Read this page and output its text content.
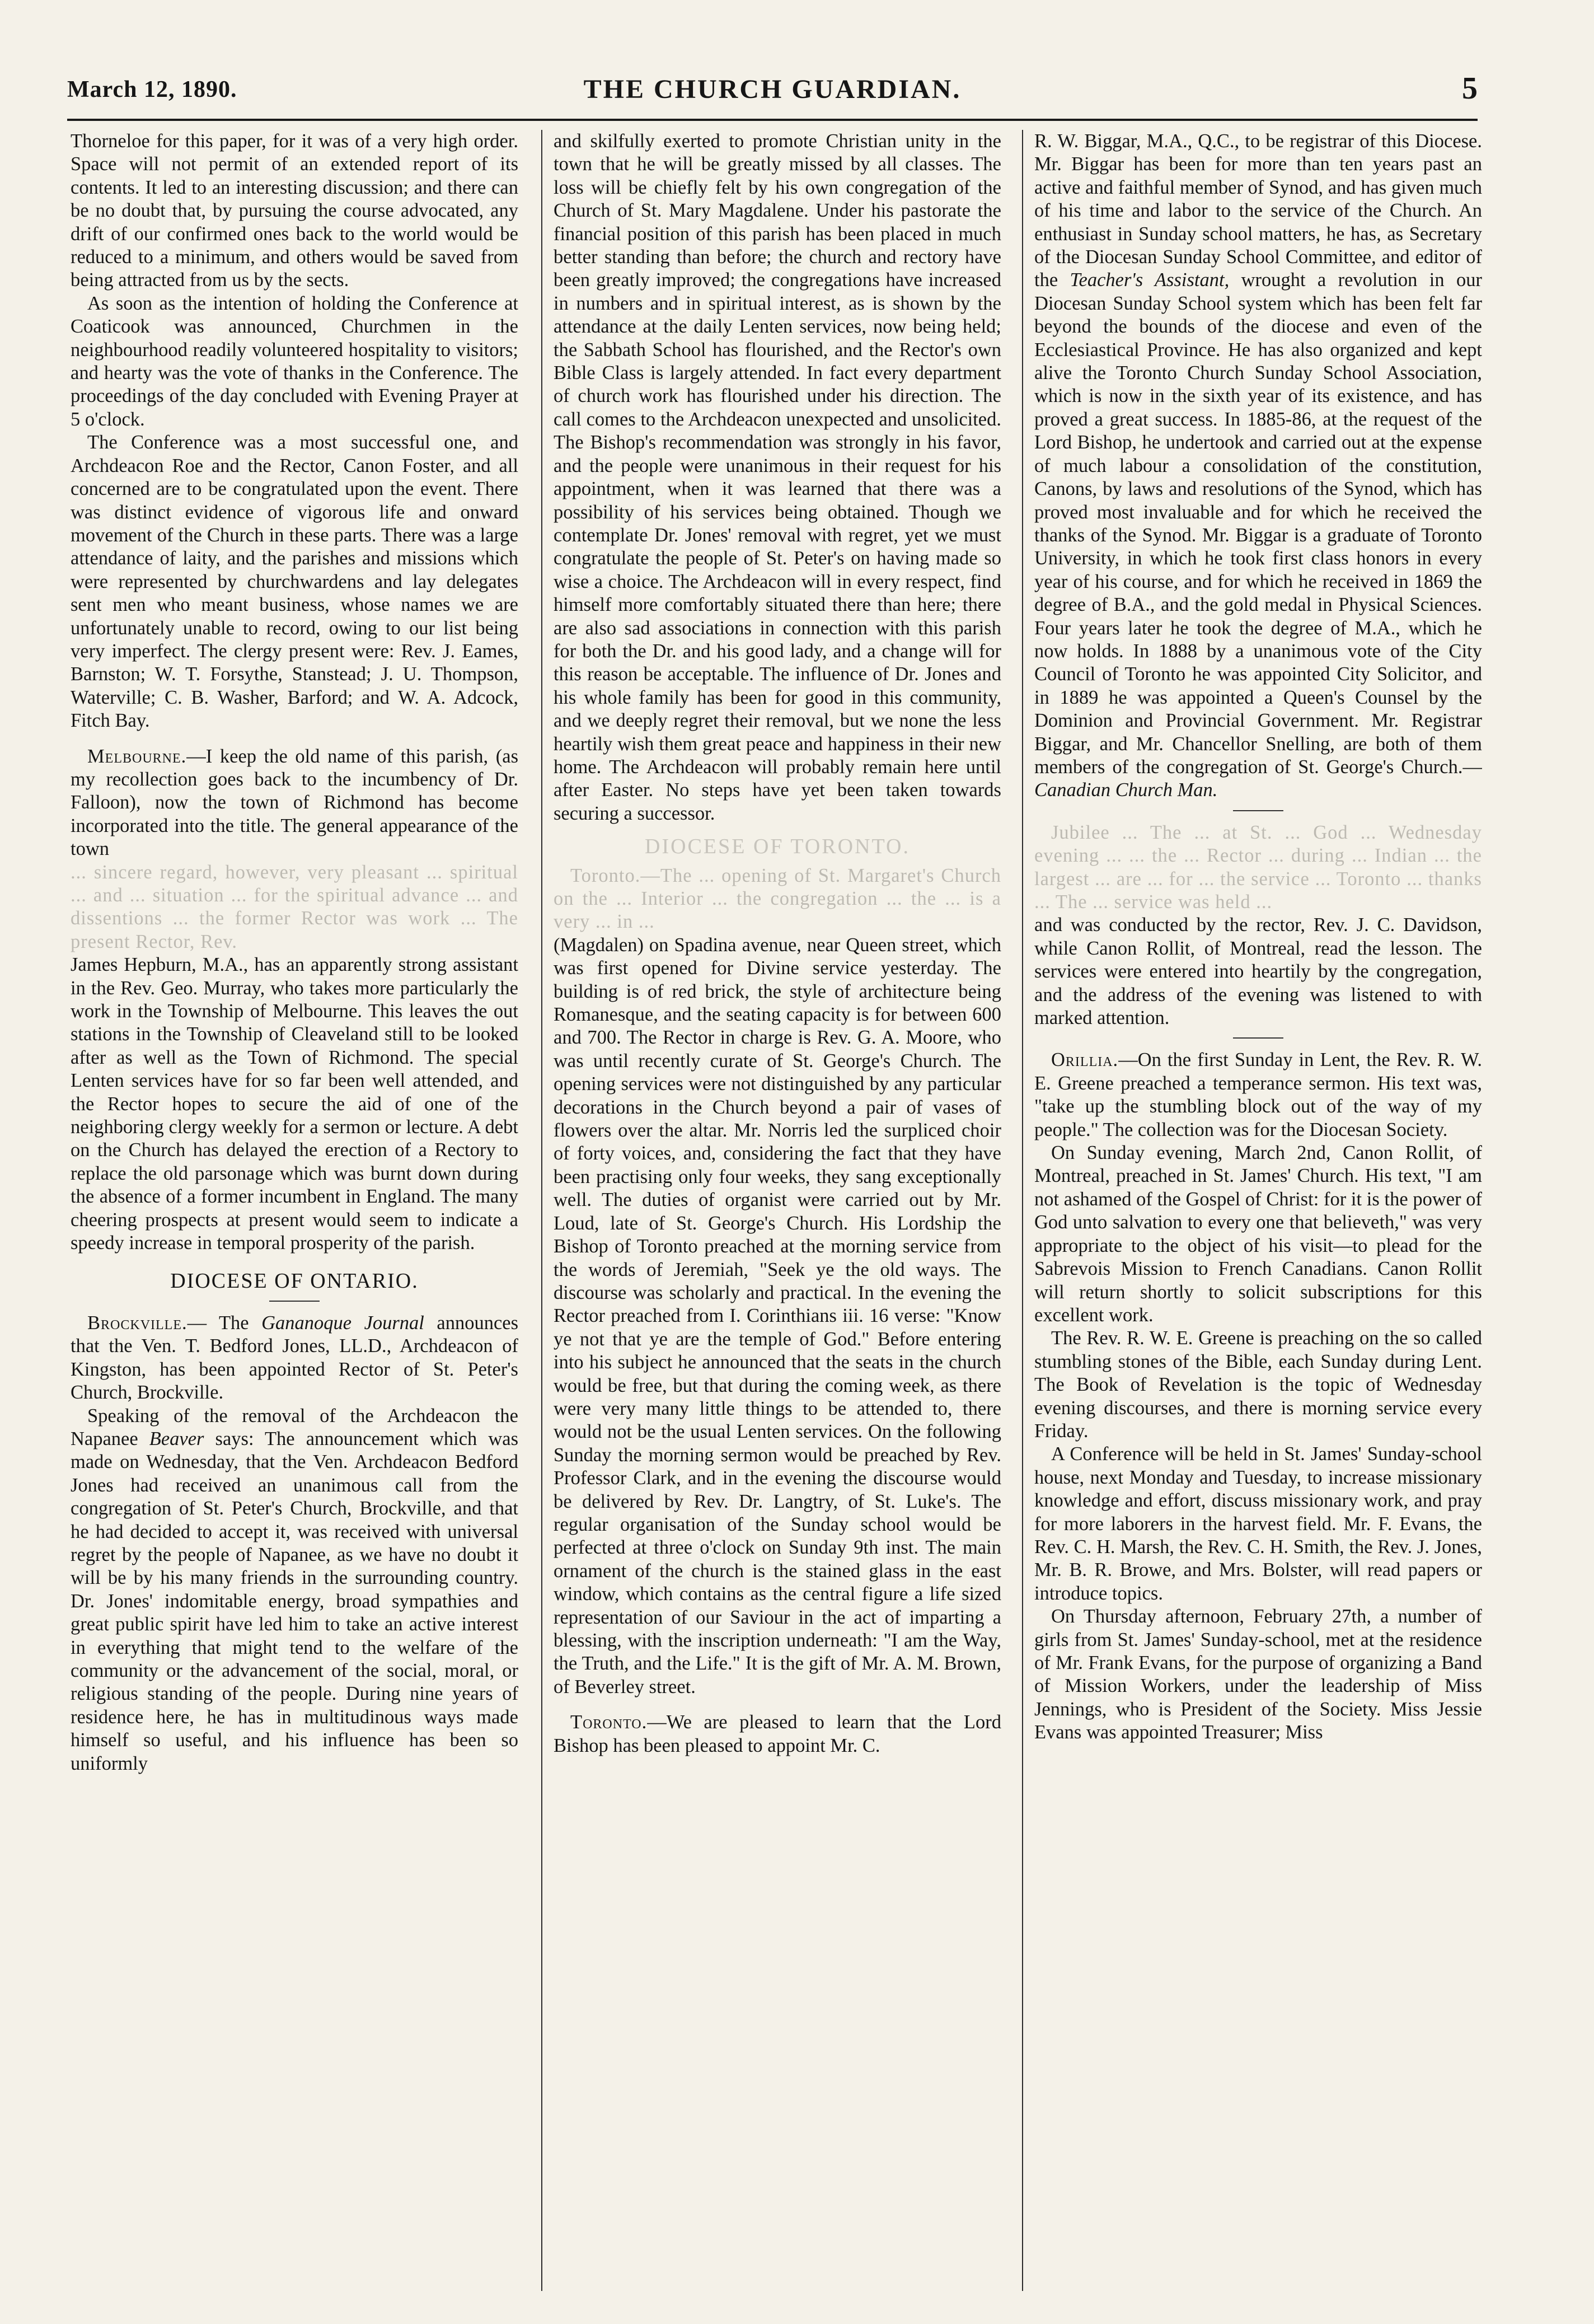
March 12, 1890.	THE CHURCH GUARDIAN.	5

Thorneloe for this paper, for it was of a very high order. Space will not permit of an extended report of its contents. It led to an interesting discussion; and there can be no doubt that, by pursuing the course advocated, any drift of our confirmed ones back to the world would be reduced to a minimum, and others would be saved from being attracted from us by the sects.

As soon as the intention of holding the Conference at Coaticook was announced, Churchmen in the neighbourhood readily volunteered hospitality to visitors; and hearty was the vote of thanks in the Conference. The proceedings of the day concluded with Evening Prayer at 5 o'clock.

The Conference was a most successful one, and Archdeacon Roe and the Rector, Canon Foster, and all concerned are to be congratulated upon the event. There was distinct evidence of vigorous life and onward movement of the Church in these parts. There was a large attendance of laity, and the parishes and missions which were represented by churchwardens and lay delegates sent men who meant business, whose names we are unfortunately unable to record, owing to our list being very imperfect. The clergy present were: Rev. J. Eames, Barnston; W. T. Forsythe, Stanstead; J. U. Thompson, Waterville; C. B. Washer, Barford; and W. A. Adcock, Fitch Bay.

Melbourne.—I keep the old name of this parish, (as my recollection goes back to the incumbency of Dr. Falloon), now the town of Richmond has become incorporated into the title. The general appearance of the town

... sincere regard, however, very pleasant ... spiritual ... and ... situation ... for the spiritual advance ... and dissentions ... the former Rector was work ... The present Rector, Rev.

James Hepburn, M.A., has an apparently strong assistant in the Rev. Geo. Murray, who takes more particularly the work in the Township of Melbourne. This leaves the out stations in the Township of Cleaveland still to be looked after as well as the Town of Richmond. The special Lenten services have for so far been well attended, and the Rector hopes to secure the aid of one of the neighboring clergy weekly for a sermon or lecture. A debt on the Church has delayed the erection of a Rectory to replace the old parsonage which was burnt down during the absence of a former incumbent in England. The many cheering prospects at present would seem to indicate a speedy increase in temporal prosperity of the parish.

DIOCESE OF ONTARIO.

Brockville.— The Gananoque Journal announces that the Ven. T. Bedford Jones, LL.D., Archdeacon of Kingston, has been appointed Rector of St. Peter's Church, Brockville.

Speaking of the removal of the Archdeacon the Napanee Beaver says: The announcement which was made on Wednesday, that the Ven. Archdeacon Bedford Jones had received an unanimous call from the congregation of St. Peter's Church, Brockville, and that he had decided to accept it, was received with universal regret by the people of Napanee, as we have no doubt it will be by his many friends in the surrounding country. Dr. Jones' indomitable energy, broad sympathies and great public spirit have led him to take an active interest in everything that might tend to the welfare of the community or the advancement of the social, moral, or religious standing of the people. During nine years of residence here, he has in multitudinous ways made himself so useful, and his influence has been so uniformly

and skilfully exerted to promote Christian unity in the town that he will be greatly missed by all classes. The loss will be chiefly felt by his own congregation of the Church of St. Mary Magdalene. Under his pastorate the financial position of this parish has been placed in much better standing than before; the church and rectory have been greatly improved; the congregations have increased in numbers and in spiritual interest, as is shown by the attendance at the daily Lenten services, now being held; the Sabbath School has flourished, and the Rector's own Bible Class is largely attended. In fact every department of church work has flourished under his direction. The call comes to the Archdeacon unexpected and unsolicited. The Bishop's recommendation was strongly in his favor, and the people were unanimous in their request for his appointment, when it was learned that there was a possibility of his services being obtained. Though we contemplate Dr. Jones' removal with regret, yet we must congratulate the people of St. Peter's on having made so wise a choice. The Archdeacon will in every respect, find himself more comfortably situated there than here; there are also sad associations in connection with this parish for both the Dr. and his good lady, and a change will for this reason be acceptable. The influence of Dr. Jones and his whole family has been for good in this community, and we deeply regret their removal, but we none the less heartily wish them great peace and happiness in their new home. The Archdeacon will probably remain here until after Easter. No steps have yet been taken towards securing a successor.

DIOCESE OF TORONTO.

Toronto.—The ... opening of St. Margaret's Church on the ... Interior ... the congregation ... the ... is a very ... in ...

(Magdalen) on Spadina avenue, near Queen street, which was first opened for Divine service yesterday. The building is of red brick, the style of architecture being Romanesque, and the seating capacity is for between 600 and 700. The Rector in charge is Rev. G. A. Moore, who was until recently curate of St. George's Church. The opening services were not distinguished by any particular decorations in the Church beyond a pair of vases of flowers over the altar. Mr. Norris led the surpliced choir of forty voices, and, considering the fact that they have been practising only four weeks, they sang exceptionally well. The duties of organist were carried out by Mr. Loud, late of St. George's Church. His Lordship the Bishop of Toronto preached at the morning service from the words of Jeremiah, "Seek ye the old ways. The discourse was scholarly and practical. In the evening the Rector preached from I. Corinthians iii. 16 verse: "Know ye not that ye are the temple of God." Before entering into his subject he announced that the seats in the church would be free, but that during the coming week, as there were very many little things to be attended to, there would not be the usual Lenten services. On the following Sunday the morning sermon would be preached by Rev. Professor Clark, and in the evening the discourse would be delivered by Rev. Dr. Langtry, of St. Luke's. The regular organisation of the Sunday school would be perfected at three o'clock on Sunday 9th inst. The main ornament of the church is the stained glass in the east window, which contains as the central figure a life sized representation of our Saviour in the act of imparting a blessing, with the inscription underneath: "I am the Way, the Truth, and the Life." It is the gift of Mr. A. M. Brown, of Beverley street.

Toronto.—We are pleased to learn that the Lord Bishop has been pleased to appoint Mr. C.

R. W. Biggar, M.A., Q.C., to be registrar of this Diocese. Mr. Biggar has been for more than ten years past an active and faithful member of Synod, and has given much of his time and labor to the service of the Church. An enthusiast in Sunday school matters, he has, as Secretary of the Diocesan Sunday School Committee, and editor of the Teacher's Assistant, wrought a revolution in our Diocesan Sunday School system which has been felt far beyond the bounds of the diocese and even of the Ecclesiastical Province. He has also organized and kept alive the Toronto Church Sunday School Association, which is now in the sixth year of its existence, and has proved a great success. In 1885-86, at the request of the Lord Bishop, he undertook and carried out at the expense of much labour a consolidation of the constitution, Canons, by laws and resolutions of the Synod, which has proved most invaluable and for which he received the thanks of the Synod. Mr. Biggar is a graduate of Toronto University, in which he took first class honors in every year of his course, and for which he received in 1869 the degree of B.A., and the gold medal in Physical Sciences. Four years later he took the degree of M.A., which he now holds. In 1888 by a unanimous vote of the City Council of Toronto he was appointed City Solicitor, and in 1889 he was appointed a Queen's Counsel by the Dominion and Provincial Government. Mr. Registrar Biggar, and Mr. Chancellor Snelling, are both of them members of the congregation of St. George's Church.—Canadian Church Man.

Jubilee ... The ... at St. ... God ... Wednesday evening ... ... the ... Rector ... during ... Indian ... the largest ... are ... for ... the service ... Toronto ... thanks ... The ... service was held ...

and was conducted by the rector, Rev. J. C. Davidson, while Canon Rollit, of Montreal, read the lesson. The services were entered into heartily by the congregation, and the address of the evening was listened to with marked attention.

Orillia.—On the first Sunday in Lent, the Rev. R. W. E. Greene preached a temperance sermon. His text was, "take up the stumbling block out of the way of my people." The collection was for the Diocesan Society.

On Sunday evening, March 2nd, Canon Rollit, of Montreal, preached in St. James' Church. His text, "I am not ashamed of the Gospel of Christ: for it is the power of God unto salvation to every one that believeth," was very appropriate to the object of his visit—to plead for the Sabrevois Mission to French Canadians. Canon Rollit will return shortly to solicit subscriptions for this excellent work.

The Rev. R. W. E. Greene is preaching on the so called stumbling stones of the Bible, each Sunday during Lent. The Book of Revelation is the topic of Wednesday evening discourses, and there is morning service every Friday.

A Conference will be held in St. James' Sunday-school house, next Monday and Tuesday, to increase missionary knowledge and effort, discuss missionary work, and pray for more laborers in the harvest field. Mr. F. Evans, the Rev. C. H. Marsh, the Rev. C. H. Smith, the Rev. J. Jones, Mr. B. R. Browe, and Mrs. Bolster, will read papers or introduce topics.

On Thursday afternoon, February 27th, a number of girls from St. James' Sunday-school, met at the residence of Mr. Frank Evans, for the purpose of organizing a Band of Mission Workers, under the leadership of Miss Jennings, who is President of the Society. Miss Jessie Evans was appointed Treasurer; Miss
